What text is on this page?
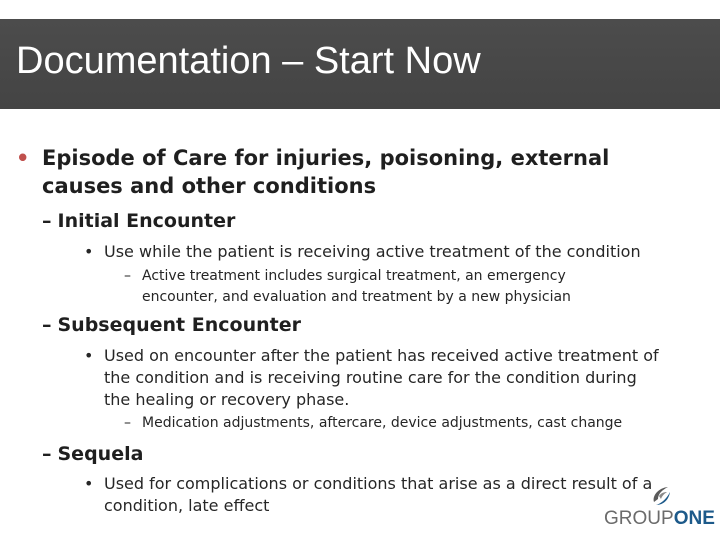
Documentation – Start Now
• Episode of Care for injuries, poisoning, external causes and other conditions
– Initial Encounter
• Use while the patient is receiving active treatment of the condition
– Active treatment includes surgical treatment, an emergency encounter, and evaluation and treatment by a new physician
– Subsequent Encounter
• Used on encounter after the patient has received active treatment of the condition and is receiving routine care for the condition during the healing or recovery phase.
– Medication adjustments, aftercare, device adjustments, cast change
– Sequela
• Used for complications or conditions that arise as a direct result of a condition, late effect
GROUPONE
